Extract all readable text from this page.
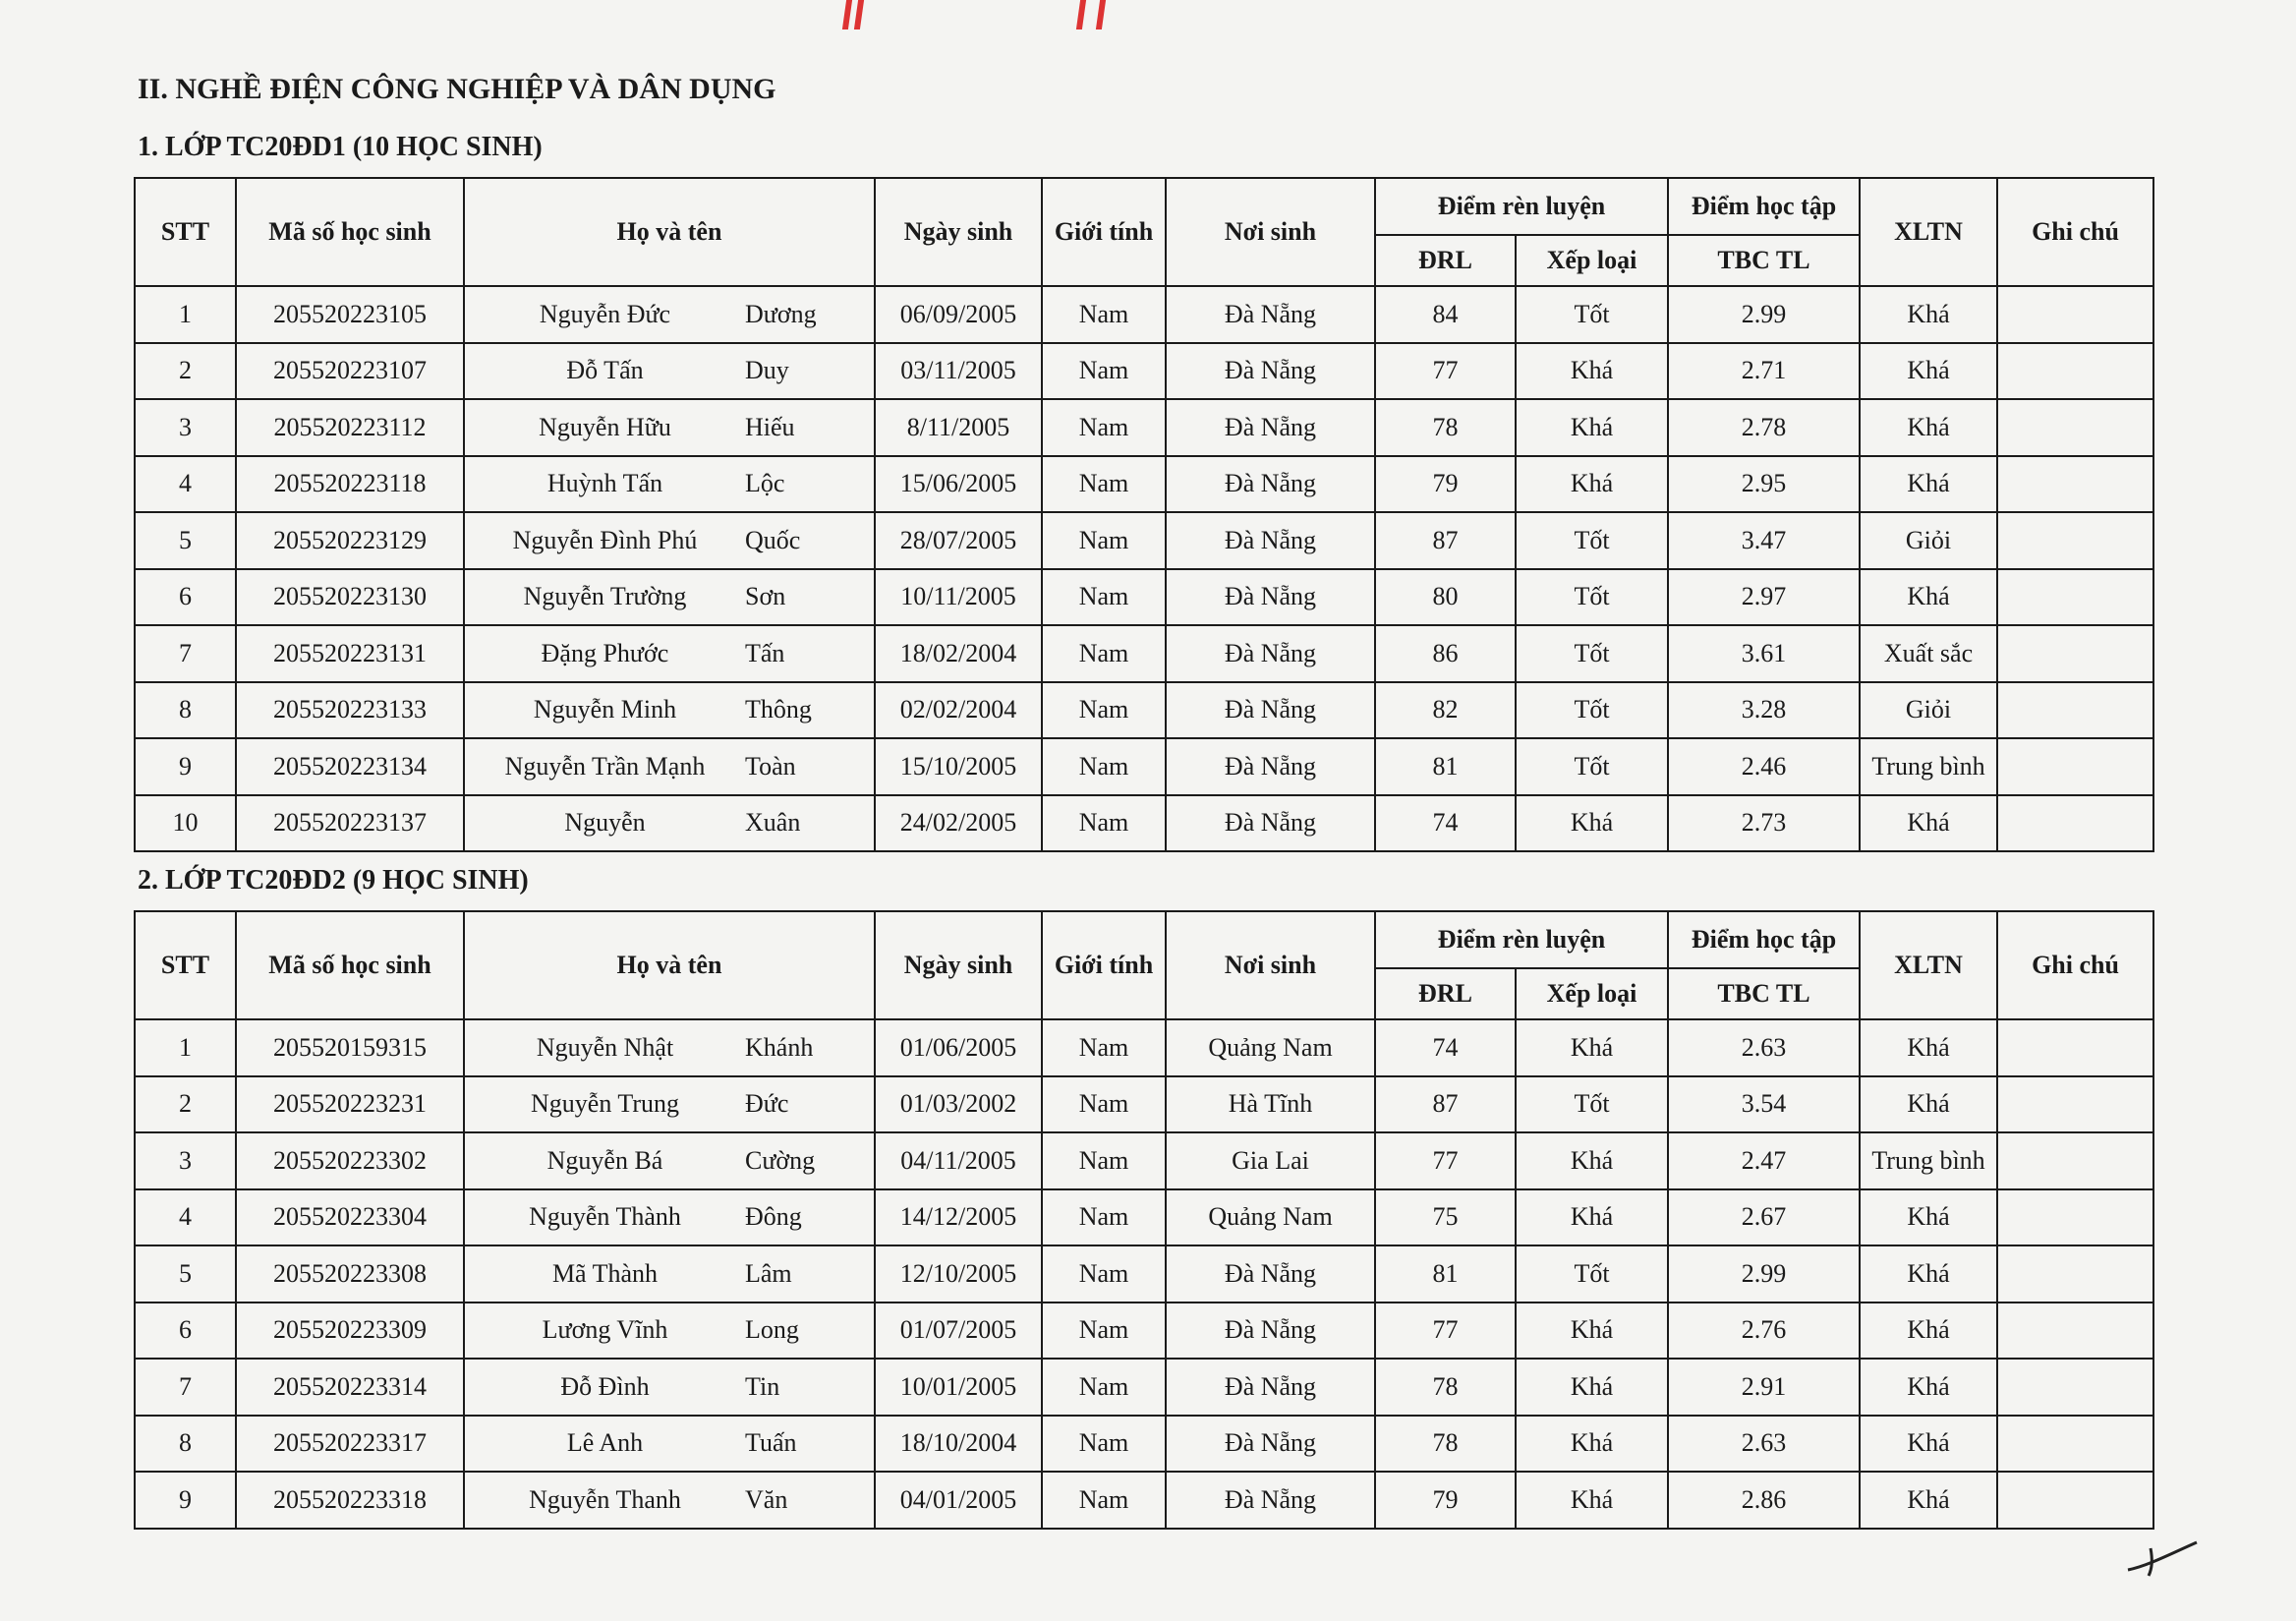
II. NGHỀ ĐIỆN CÔNG NGHIỆP VÀ DÂN DỤNG
1. LỚP TC20ĐD1 (10 HỌC SINH)
STT	Mã số học sinh	Họ và tên	Ngày sinh	Giới tính	Nơi sinh	Điểm rèn luyện		Điểm học tập	XLTN	Ghi chú
						ĐRL	Xếp loại	TBC TL		
1	205520223105	Nguyễn Đức Dương	06/09/2005	Nam	Đà Nẵng	84	Tốt	2.99	Khá	
2	205520223107	Đỗ Tấn Duy	03/11/2005	Nam	Đà Nẵng	77	Khá	2.71	Khá	
3	205520223112	Nguyễn Hữu Hiếu	8/11/2005	Nam	Đà Nẵng	78	Khá	2.78	Khá	
4	205520223118	Huỳnh Tấn Lộc	15/06/2005	Nam	Đà Nẵng	79	Khá	2.95	Khá	
5	205520223129	Nguyễn Đình Phú Quốc	28/07/2005	Nam	Đà Nẵng	87	Tốt	3.47	Giỏi	
6	205520223130	Nguyễn Trường Sơn	10/11/2005	Nam	Đà Nẵng	80	Tốt	2.97	Khá	
7	205520223131	Đặng Phước Tấn	18/02/2004	Nam	Đà Nẵng	86	Tốt	3.61	Xuất sắc	
8	205520223133	Nguyễn Minh Thông	02/02/2004	Nam	Đà Nẵng	82	Tốt	3.28	Giỏi	
9	205520223134	Nguyễn Trần Mạnh Toàn	15/10/2005	Nam	Đà Nẵng	81	Tốt	2.46	Trung bình	
10	205520223137	Nguyễn Xuân	24/02/2005	Nam	Đà Nẵng	74	Khá	2.73	Khá	
2. LỚP TC20ĐD2 (9 HỌC SINH)
STT	Mã số học sinh	Họ và tên	Ngày sinh	Giới tính	Nơi sinh	Điểm rèn luyện		Điểm học tập	XLTN	Ghi chú
						ĐRL	Xếp loại	TBC TL		
1	205520159315	Nguyễn Nhật Khánh	01/06/2005	Nam	Quảng Nam	74	Khá	2.63	Khá	
2	205520223231	Nguyễn Trung Đức	01/03/2002	Nam	Hà Tĩnh	87	Tốt	3.54	Khá	
3	205520223302	Nguyễn Bá Cường	04/11/2005	Nam	Gia Lai	77	Khá	2.47	Trung bình	
4	205520223304	Nguyễn Thành Đông	14/12/2005	Nam	Quảng Nam	75	Khá	2.67	Khá	
5	205520223308	Mã Thành Lâm	12/10/2005	Nam	Đà Nẵng	81	Tốt	2.99	Khá	
6	205520223309	Lương Vĩnh Long	01/07/2005	Nam	Đà Nẵng	77	Khá	2.76	Khá	
7	205520223314	Đỗ Đình Tin	10/01/2005	Nam	Đà Nẵng	78	Khá	2.91	Khá	
8	205520223317	Lê Anh Tuấn	18/10/2004	Nam	Đà Nẵng	78	Khá	2.63	Khá	
9	205520223318	Nguyễn Thanh Văn	04/01/2005	Nam	Đà Nẵng	79	Khá	2.86	Khá	
